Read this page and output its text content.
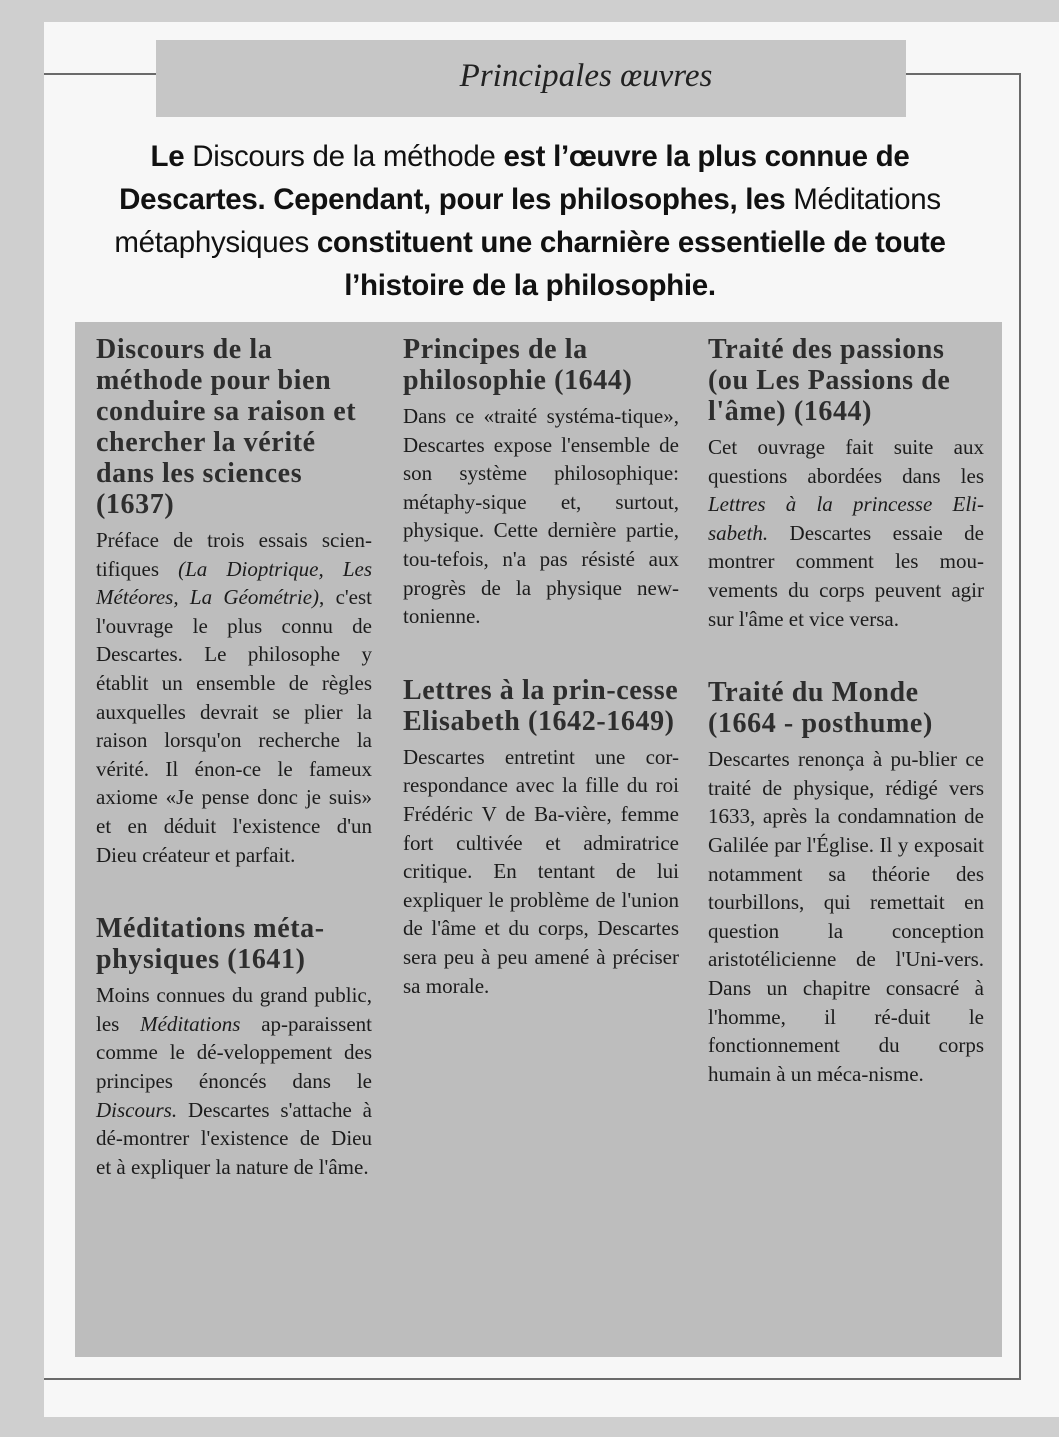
Principales œuvres
Le Discours de la méthode est l’œuvre la plus connue de Descartes. Cependant, pour les philosophes, les Méditations métaphysiques constituent une charnière essentielle de toute l’histoire de la philosophie.
Discours de la méthode pour bien conduire sa raison et chercher la vérité dans les sciences (1637)

Préface de trois essais scien-tifiques (La Dioptrique, Les Météores, La Géométrie), c'est l'ouvrage le plus connu de Descartes. Le philosophe y établit un ensemble de règles auxquelles devrait se plier la raison lorsqu'on recherche la vérité. Il énon-ce le fameux axiome «Je pense donc je suis» et en déduit l'existence d'un Dieu créateur et parfait.

Méditations méta-physiques (1641)

Moins connues du grand public, les Méditations ap-paraissent comme le dé-veloppement des principes énoncés dans le Discours. Descartes s'attache à dé-montrer l'existence de Dieu et à expliquer la nature de l'âme.

Principes de la philosophie (1644)

Dans ce «traité systéma-tique», Descartes expose l'ensemble de son système philosophique: métaphy-sique et, surtout, physique. Cette dernière partie, tou-tefois, n'a pas résisté aux progrès de la physique new-tonienne.

Lettres à la prin-cesse Elisabeth (1642-1649)

Descartes entretint une cor-respondance avec la fille du roi Frédéric V de Ba-vière, femme fort cultivée et admiratrice critique. En tentant de lui expliquer le problème de l'union de l'âme et du corps, Descartes sera peu à peu amené à préciser sa morale.

Traité des passions (ou Les Passions de l'âme) (1644)

Cet ouvrage fait suite aux questions abordées dans les Lettres à la princesse Eli-sabeth. Descartes essaie de montrer comment les mou-vements du corps peuvent agir sur l'âme et vice versa.

Traité du Monde (1664 - posthume)

Descartes renonça à pu-blier ce traité de physique, rédigé vers 1633, après la condamnation de Galilée par l'Église. Il y exposait notamment sa théorie des tourbillons, qui remettait en question la conception aristotélicienne de l'Uni-vers. Dans un chapitre consacré à l'homme, il ré-duit le fonctionnement du corps humain à un méca-nisme.
